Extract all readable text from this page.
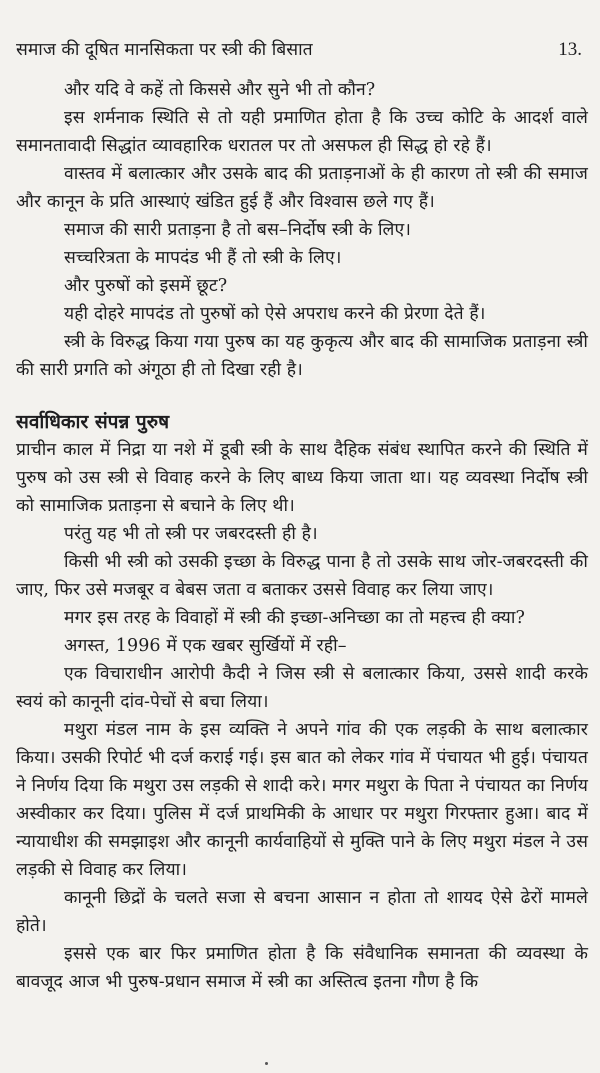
समाज की दूषित मानसिकता पर स्त्री की बिसात	13.

और यदि वे कहें तो किससे और सुने भी तो कौन?

इस शर्मनाक स्थिति से तो यही प्रमाणित होता है कि उच्च कोटि के आदर्श वाले समानतावादी सिद्धांत व्यावहारिक धरातल पर तो असफल ही सिद्ध हो रहे हैं।

वास्तव में बलात्कार और उसके बाद की प्रताड़नाओं के ही कारण तो स्त्री की समाज और कानून के प्रति आस्थाएं खंडित हुई हैं और विश्वास छले गए हैं।

समाज की सारी प्रताड़ना है तो बस–निर्दोष स्त्री के लिए।

सच्चरित्रता के मापदंड भी हैं तो स्त्री के लिए।

और पुरुषों को इसमें छूट?

यही दोहरे मापदंड तो पुरुषों को ऐसे अपराध करने की प्रेरणा देते हैं।

स्त्री के विरुद्ध किया गया पुरुष का यह कुकृत्य और बाद की सामाजिक प्रताड़ना स्त्री की सारी प्रगति को अंगूठा ही तो दिखा रही है।

सर्वाधिकार संपन्न पुरुष

प्राचीन काल में निद्रा या नशे में डूबी स्त्री के साथ दैहिक संबंध स्थापित करने की स्थिति में पुरुष को उस स्त्री से विवाह करने के लिए बाध्य किया जाता था। यह व्यवस्था निर्दोष स्त्री को सामाजिक प्रताड़ना से बचाने के लिए थी।

परंतु यह भी तो स्त्री पर जबरदस्ती ही है।

किसी भी स्त्री को उसकी इच्छा के विरुद्ध पाना है तो उसके साथ जोर-जबरदस्ती की जाए, फिर उसे मजबूर व बेबस जता व बताकर उससे विवाह कर लिया जाए।

मगर इस तरह के विवाहों में स्त्री की इच्छा-अनिच्छा का तो महत्त्व ही क्या?

अगस्त, 1996 में एक खबर सुर्खियों में रही–

एक विचाराधीन आरोपी कैदी ने जिस स्त्री से बलात्कार किया, उससे शादी करके स्वयं को कानूनी दांव-पेचों से बचा लिया।

मथुरा मंडल नाम के इस व्यक्ति ने अपने गांव की एक लड़की के साथ बलात्कार किया। उसकी रिपोर्ट भी दर्ज कराई गई। इस बात को लेकर गांव में पंचायत भी हुई। पंचायत ने निर्णय दिया कि मथुरा उस लड़की से शादी करे। मगर मथुरा के पिता ने पंचायत का निर्णय अस्वीकार कर दिया। पुलिस में दर्ज प्राथमिकी के आधार पर मथुरा गिरफ्तार हुआ। बाद में न्यायाधीश की समझाइश और कानूनी कार्यवाहियों से मुक्ति पाने के लिए मथुरा मंडल ने उस लड़की से विवाह कर लिया।

कानूनी छिद्रों के चलते सजा से बचना आसान न होता तो शायद ऐसे ढेरों मामले होते।

इससे एक बार फिर प्रमाणित होता है कि संवैधानिक समानता की व्यवस्था के बावजूद आज भी पुरुष-प्रधान समाज में स्त्री का अस्तित्व इतना गौण है कि
